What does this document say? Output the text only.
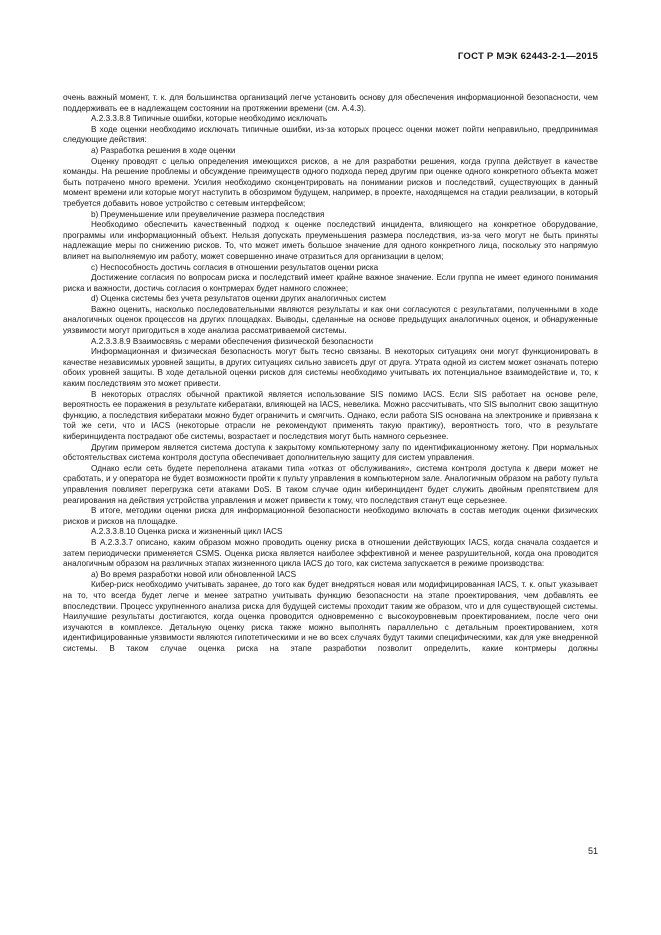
ГОСТ Р МЭК 62443-2-1—2015

очень важный момент, т. к. для большинства организаций легче установить основу для обеспечения информационной безопасности, чем поддерживать ее в надлежащем состоянии на протяжении времени (см. А.4.3).

А.2.3.3.8.8 Типичные ошибки, которые необходимо исключать

В ходе оценки необходимо исключать типичные ошибки, из-за которых процесс оценки может пойти неправильно, предпринимая следующие действия:

а) Разработка решения в ходе оценки

Оценку проводят с целью определения имеющихся рисков, а не для разработки решения, когда группа действует в качестве команды. На решение проблемы и обсуждение преимуществ одного подхода перед другим при оценке одного конкретного объекта может быть потрачено много времени. Усилия необходимо сконцентрировать на понимании рисков и последствий, существующих в данный момент времени или которые могут наступить в обозримом будущем, например, в проекте, находящемся на стадии реализации, в который требуется добавить новое устройство с сетевым интерфейсом;

b) Преуменьшение или преувеличение размера последствия

Необходимо обеспечить качественный подход к оценке последствий инцидента, влияющего на конкретное оборудование, программы или информационный объект. Нельзя допускать преуменьшения размера последствия, из-за чего могут не быть приняты надлежащие меры по снижению рисков. То, что может иметь большое значение для одного конкретного лица, поскольку это напрямую влияет на выполняемую им работу, может совершенно иначе отразиться для организации в целом;

с) Неспособность достичь согласия в отношении результатов оценки риска

Достижение согласия по вопросам риска и последствий имеет крайне важное значение. Если группа не имеет единого понимания риска и важности, достичь согласия о контрмерах будет намного сложнее;

d) Оценка системы без учета результатов оценки других аналогичных систем

Важно оценить, насколько последовательными являются результаты и как они согласуются с результатами, полученными в ходе аналогичных оценок процессов на других площадках. Выводы, сделанные на основе предыдущих аналогичных оценок, и обнаруженные уязвимости могут пригодиться в ходе анализа рассматриваемой системы.

А.2.3.3.8.9 Взаимосвязь с мерами обеспечения физической безопасности

Информационная и физическая безопасность могут быть тесно связаны. В некоторых ситуациях они могут функционировать в качестве независимых уровней защиты, в других ситуациях сильно зависеть друг от друга. Утрата одной из систем может означать потерю обоих уровней защиты. В ходе детальной оценки рисков для системы необходимо учитывать их потенциальное взаимодействие и, то, к каким последствиям это может привести.

В некоторых отраслях обычной практикой является использование SIS помимо IACS. Если SIS работает на основе реле, вероятность ее поражения в результате кибератаки, влияющей на IACS, невелика. Можно рассчитывать, что SIS выполнит свою защитную функцию, а последствия кибератаки можно будет ограничить и смягчить. Однако, если работа SIS основана на электронике и привязана к той же сети, что и IACS (некоторые отрасли не рекомендуют применять такую практику), вероятность того, что в результате киберинцидента пострадают обе системы, возрастает и последствия могут быть намного серьезнее.

Другим примером является система доступа к закрытому компьютерному залу по идентификационному жетону. При нормальных обстоятельствах система контроля доступа обеспечивает дополнительную защиту для систем управления.

Однако если сеть будете переполнена атаками типа «отказ от обслуживания», система контроля доступа к двери может не сработать, и у оператора не будет возможности пройти к пульту управления в компьютерном зале. Аналогичным образом на работу пульта управления повлияет перегрузка сети атаками DoS. В таком случае один киберинцидент будет служить двойным препятствием для реагирования на действия устройства управления и может привести к тому, что последствия станут еще серьезнее.

В итоге, методики оценки риска для информационной безопасности необходимо включать в состав методик оценки физических рисков и рисков на площадке.

А.2.3.3.8.10 Оценка риска и жизненный цикл IACS

В А.2.3.3.7 описано, каким образом можно проводить оценку риска в отношении действующих IACS, когда сначала создается и затем периодически применяется CSMS. Оценка риска является наиболее эффективной и менее разрушительной, когда она проводится аналогичным образом на различных этапах жизненного цикла IACS до того, как система запускается в режиме производства:

а) Во время разработки новой или обновленной IACS

Кибер-риск необходимо учитывать заранее, до того как будет внедряться новая или модифицированная IACS, т. к. опыт указывает на то, что всегда будет легче и менее затратно учитывать функцию безопасности на этапе проектирования, чем добавлять ее впоследствии. Процесс укрупненного анализа риска для будущей системы проходит таким же образом, что и для существующей системы. Наилучшие результаты достигаются, когда оценка проводится одновременно с высокоуровневым проектированием, после чего они изучаются в комплексе. Детальную оценку риска также можно выполнять параллельно с детальным проектированием, хотя идентифицированные уязвимости являются гипотетическими и не во всех случаях будут такими специфическими, как для уже внедренной системы. В таком случае оценка риска на этапе разработки позволит определить, какие контрмеры должны

51
